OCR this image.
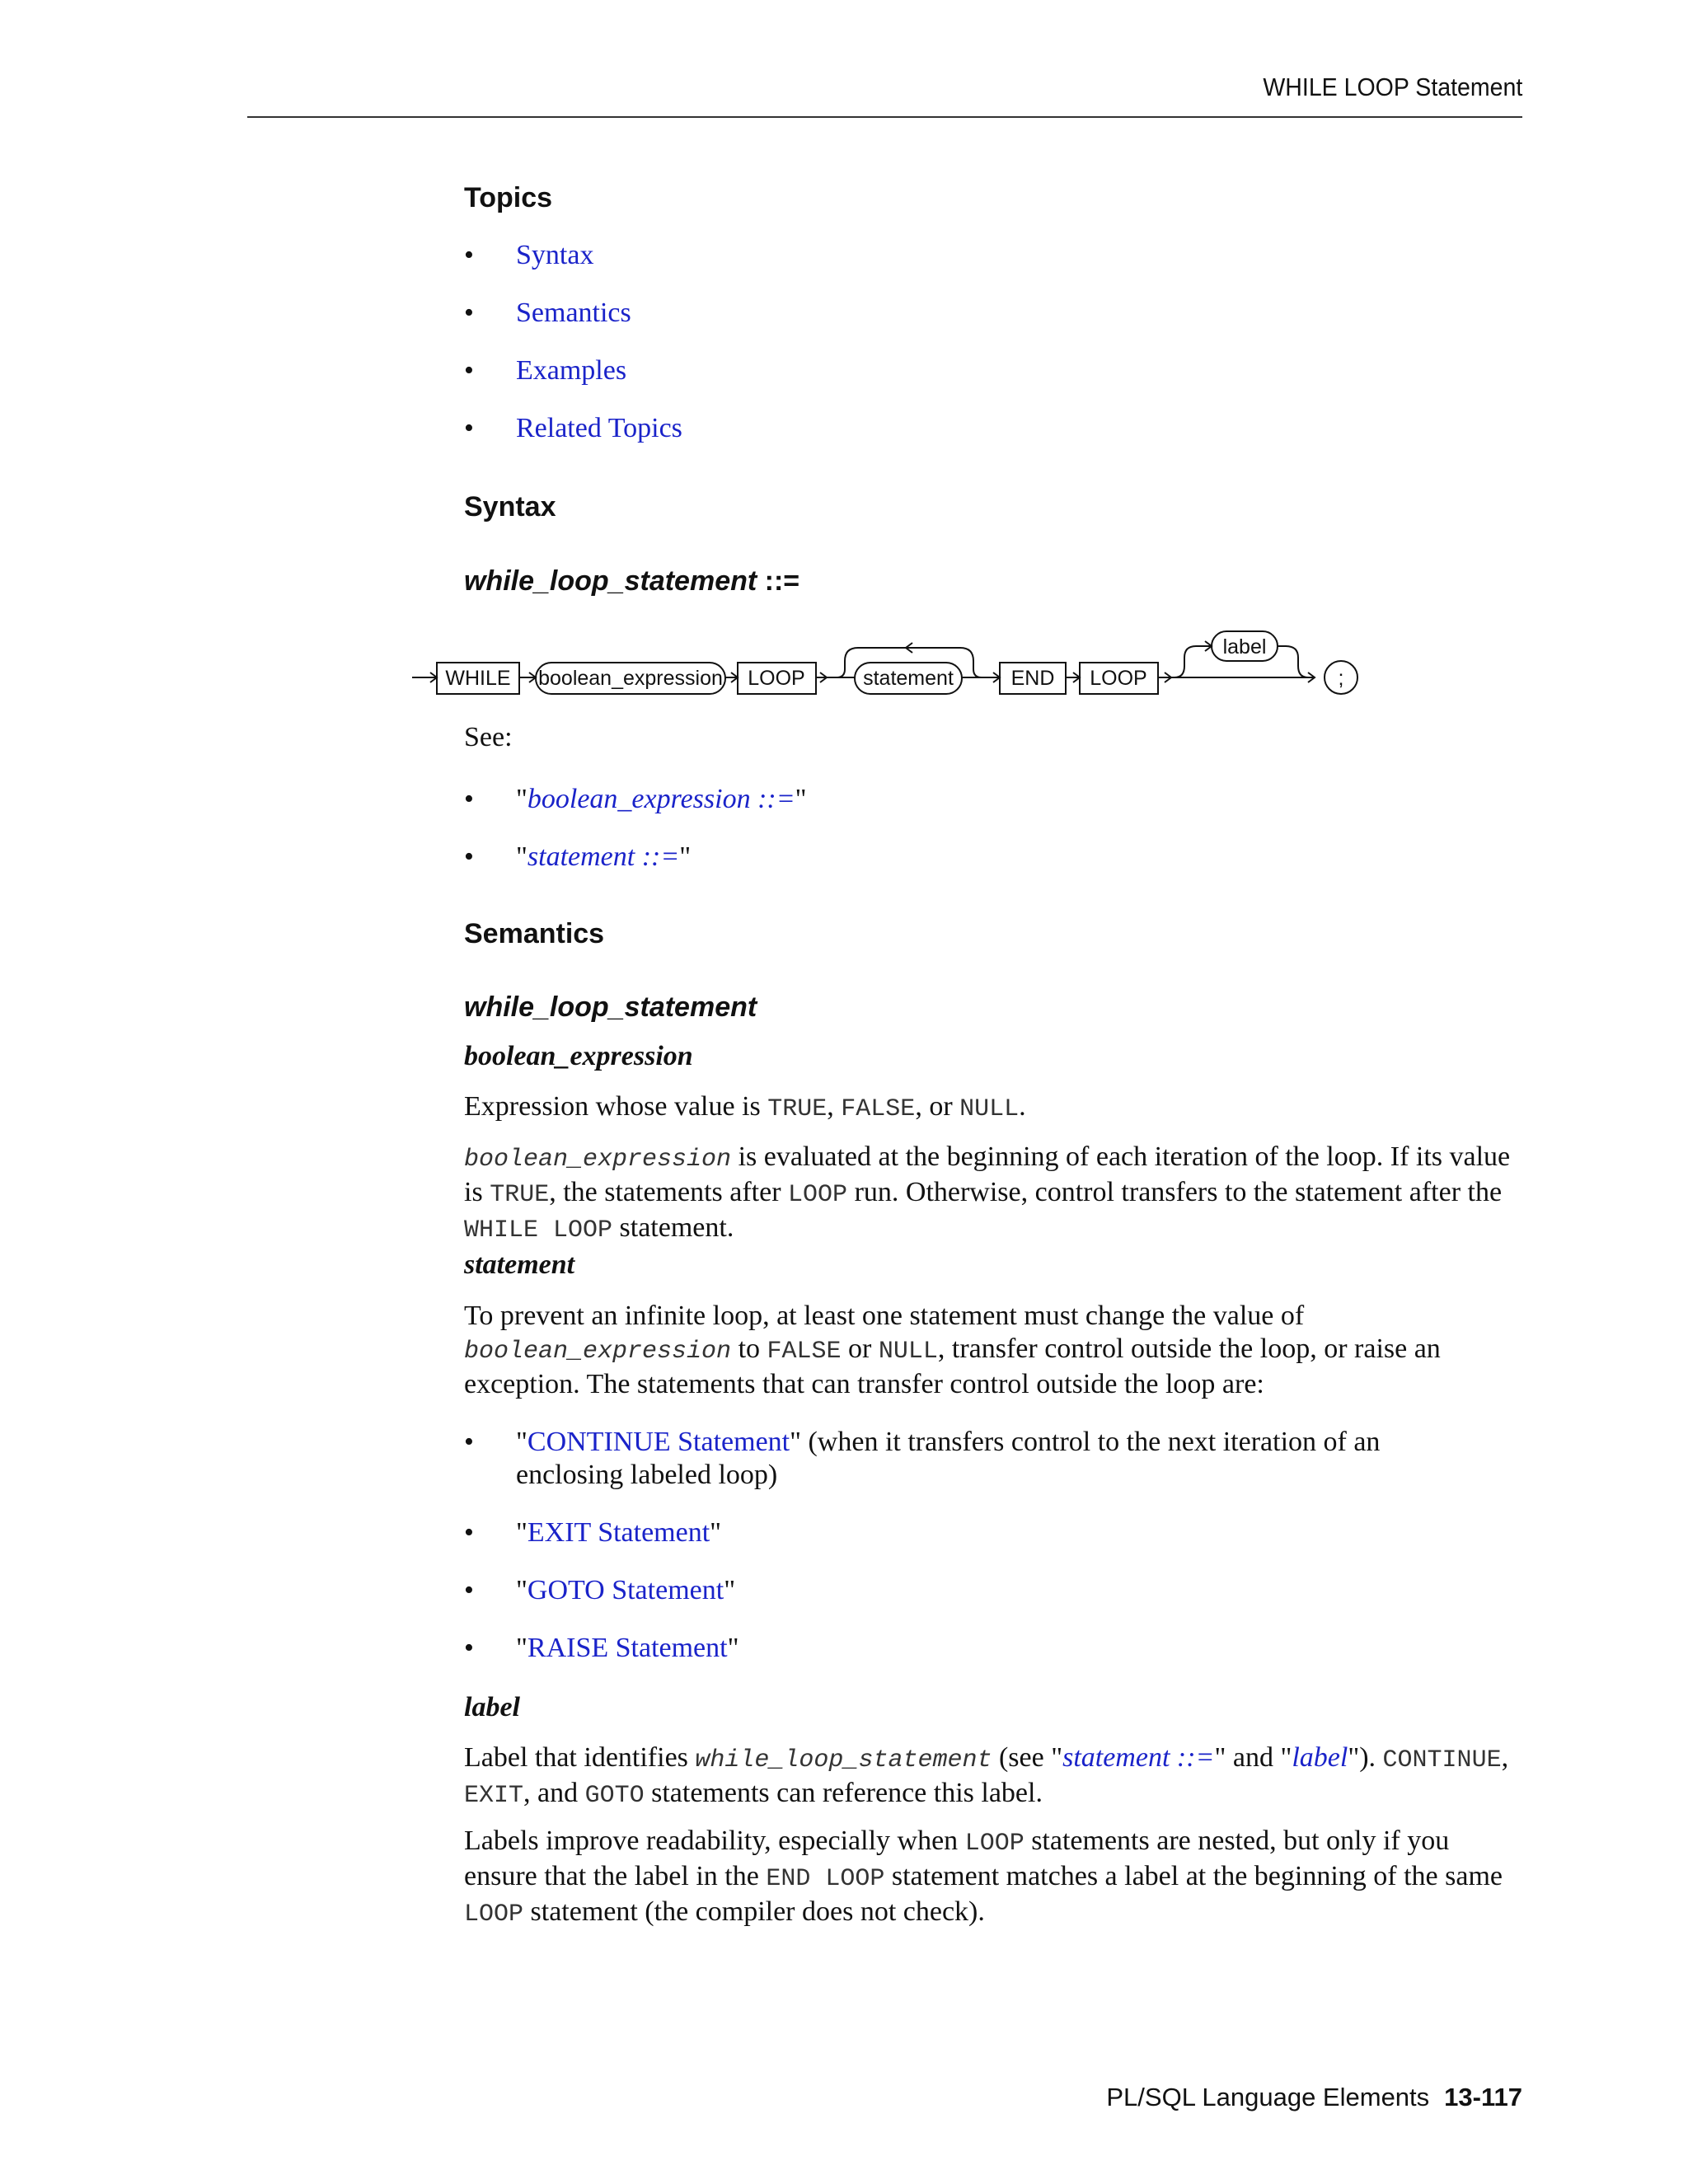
WHILE LOOP Statement
Topics
• Syntax
• Semantics
• Examples
• Related Topics
Syntax
while_loop_statement ::=

See:

• "boolean_expression ::="
• "statement ::="
Semantics
while_loop_statement
boolean_expression

Expression whose value is TRUE, FALSE, or NULL.

boolean_expression is evaluated at the beginning of each iteration of the loop. If its value is TRUE, the statements after LOOP run. Otherwise, control transfers to the statement after the WHILE LOOP statement.

statement

To prevent an infinite loop, at least one statement must change the value of boolean_expression to FALSE or NULL, transfer control outside the loop, or raise an exception. The statements that can transfer control outside the loop are:

• "CONTINUE Statement" (when it transfers control to the next iteration of an enclosing labeled loop)
• "EXIT Statement"
• "GOTO Statement"
• "RAISE Statement"
label

Label that identifies while_loop_statement (see "statement ::=" and "label"). CONTINUE, EXIT, and GOTO statements can reference this label.

Labels improve readability, especially when LOOP statements are nested, but only if you ensure that the label in the END LOOP statement matches a label at the beginning of the same LOOP statement (the compiler does not check).

WHILE boolean_expression LOOP	statement	END LOOP
label
;
PL/SQL Language Elements 13-117
